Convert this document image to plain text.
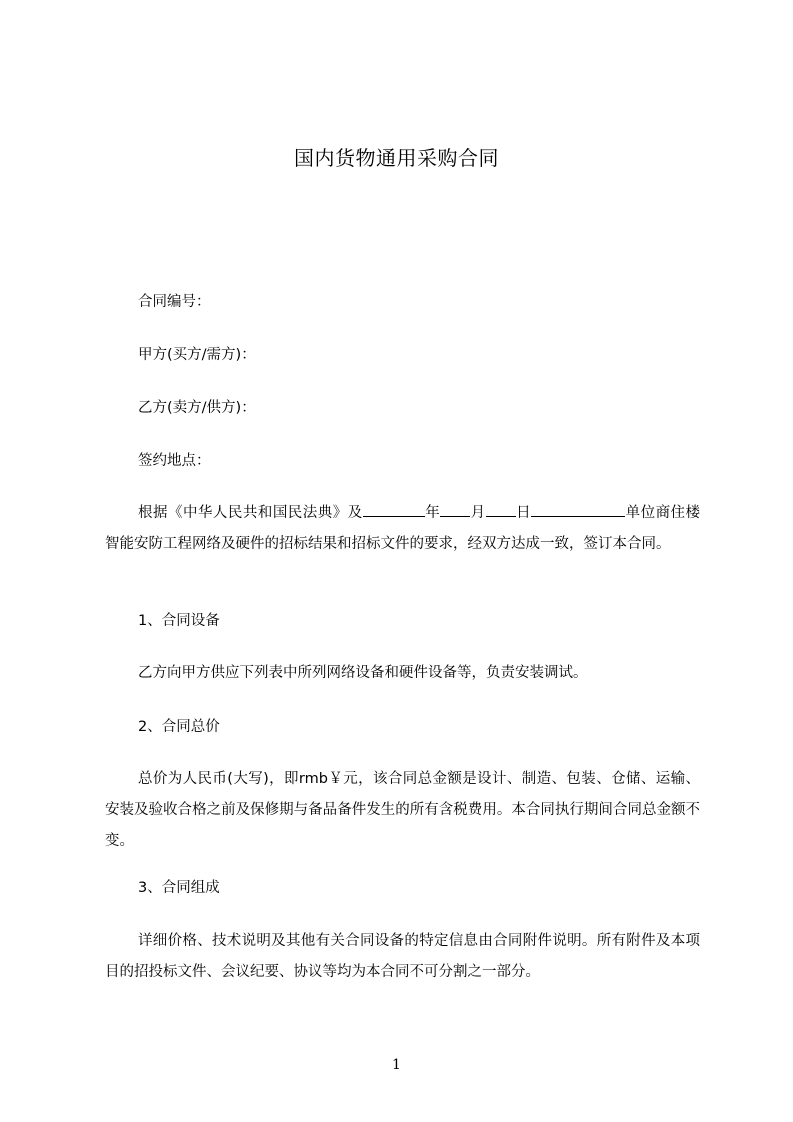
国内货物通用采购合同
合同编号：
甲方(买方/需方)：
乙方(卖方/供方)：
签约地点：
根据《中华人民共和国民法典》及	年 月 日	单位商住楼智能安防工程网络及硬件的招标结果和招标文件的要求，经双方达成一致，签订本合同。
1、合同设备
乙方向甲方供应下列表中所列网络设备和硬件设备等，负责安装调试。
2、合同总价
总价为人民币(大写)，即rmb￥元，该合同总金额是设计、制造、包装、仓储、运输、安装及验收合格之前及保修期与备品备件发生的所有含税费用。本合同执行期间合同总金额不变。
3、合同组成
详细价格、技术说明及其他有关合同设备的特定信息由合同附件说明。所有附件及本项目的招投标文件、会议纪要、协议等均为本合同不可分割之一部分。
1
